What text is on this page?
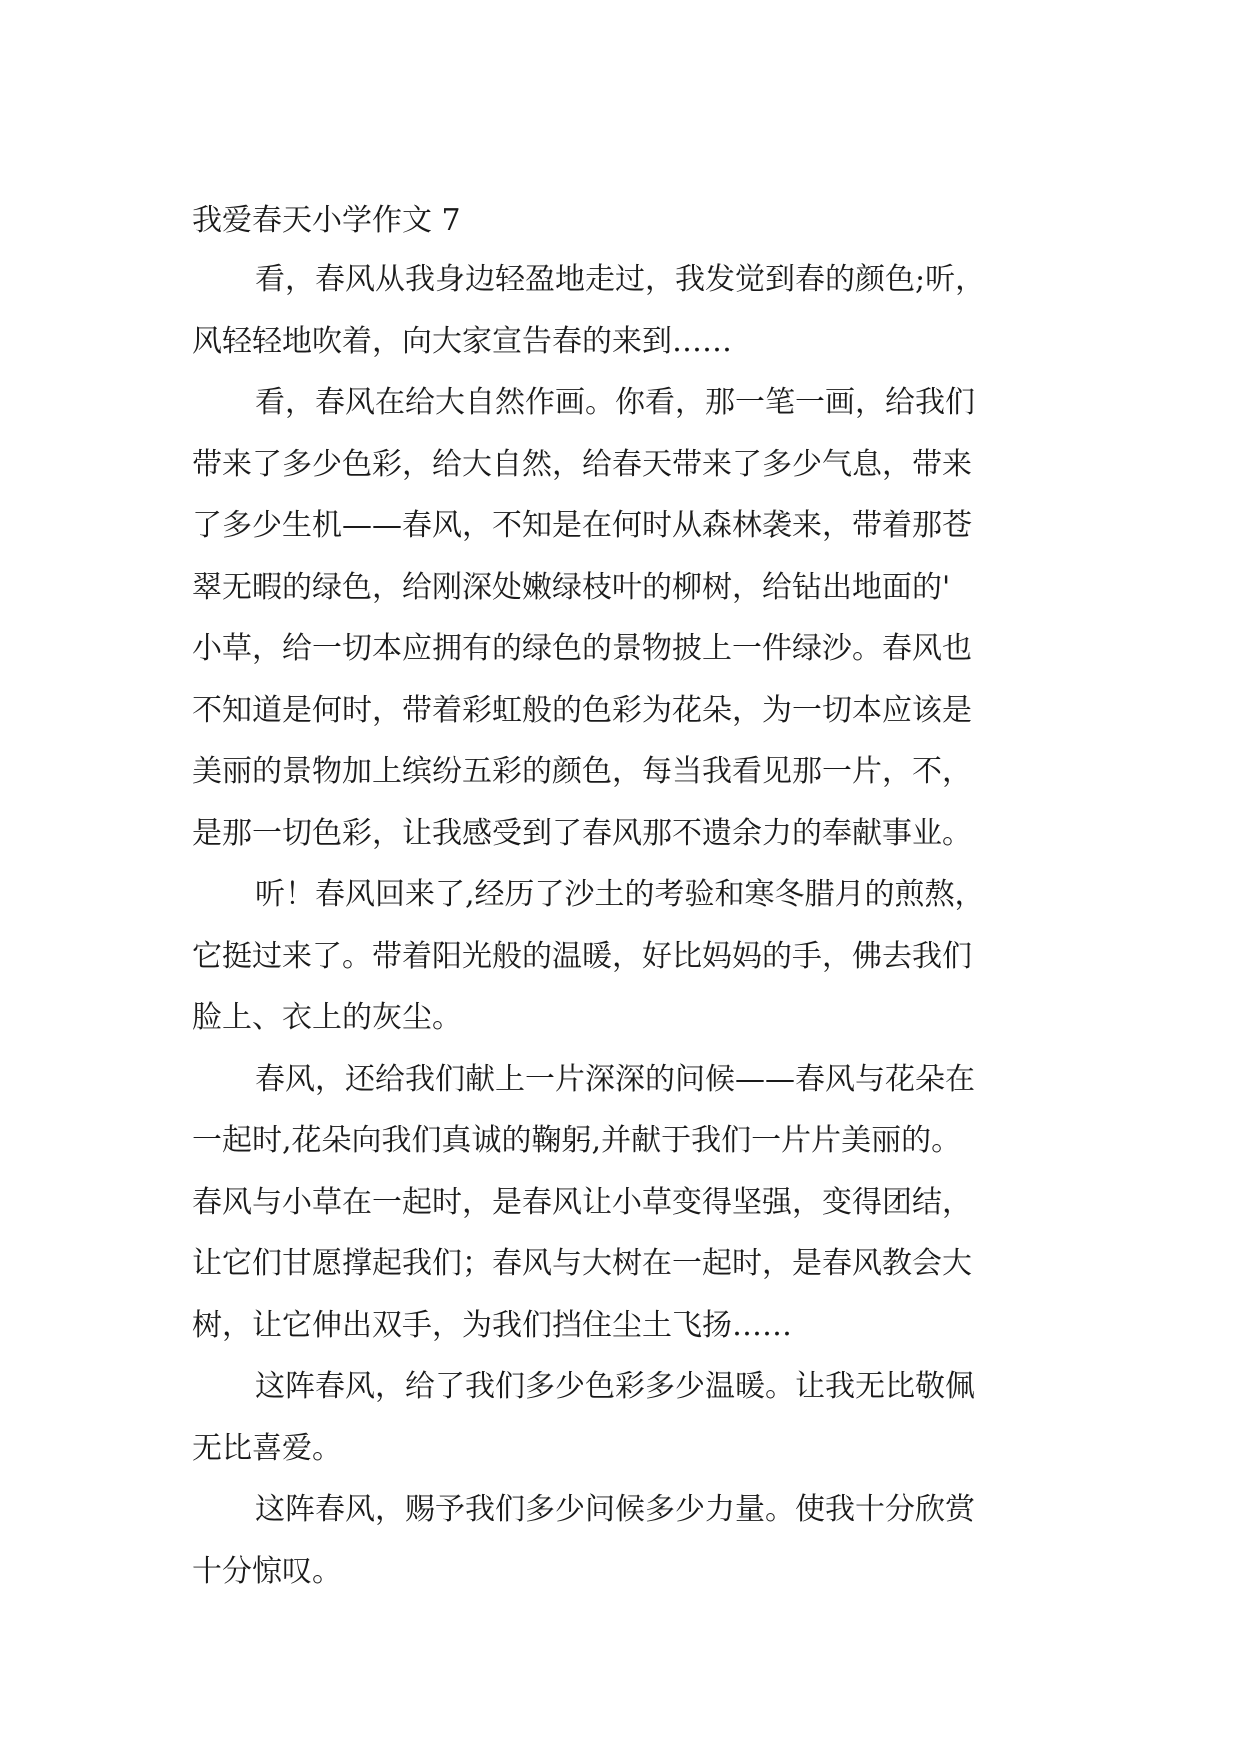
我爱春天小学作文 7

看，春风从我身边轻盈地走过，我发觉到春的颜色;听，

风轻轻地吹着，向大家宣告春的来到……

看，春风在给大自然作画。你看，那一笔一画，给我们

带来了多少色彩，给大自然，给春天带来了多少气息，带来

了多少生机——春风，不知是在何时从森林袭来，带着那苍

翠无暇的绿色，给刚深处嫩绿枝叶的柳树，给钻出地面的'

小草，给一切本应拥有的绿色的景物披上一件绿沙。春风也

不知道是何时，带着彩虹般的色彩为花朵，为一切本应该是

美丽的景物加上缤纷五彩的颜色，每当我看见那一片，不，

是那一切色彩，让我感受到了春风那不遗余力的奉献事业。

听！春风回来了,经历了沙土的考验和寒冬腊月的煎熬，

它挺过来了。带着阳光般的温暖，好比妈妈的手，佛去我们

脸上、衣上的灰尘。

春风，还给我们献上一片深深的问候——春风与花朵在

一起时,花朵向我们真诚的鞠躬,并献于我们一片片美丽的。

春风与小草在一起时，是春风让小草变得坚强，变得团结，

让它们甘愿撑起我们；春风与大树在一起时，是春风教会大

树，让它伸出双手，为我们挡住尘土飞扬……

这阵春风，给了我们多少色彩多少温暖。让我无比敬佩

无比喜爱。

这阵春风，赐予我们多少问候多少力量。使我十分欣赏

十分惊叹。
